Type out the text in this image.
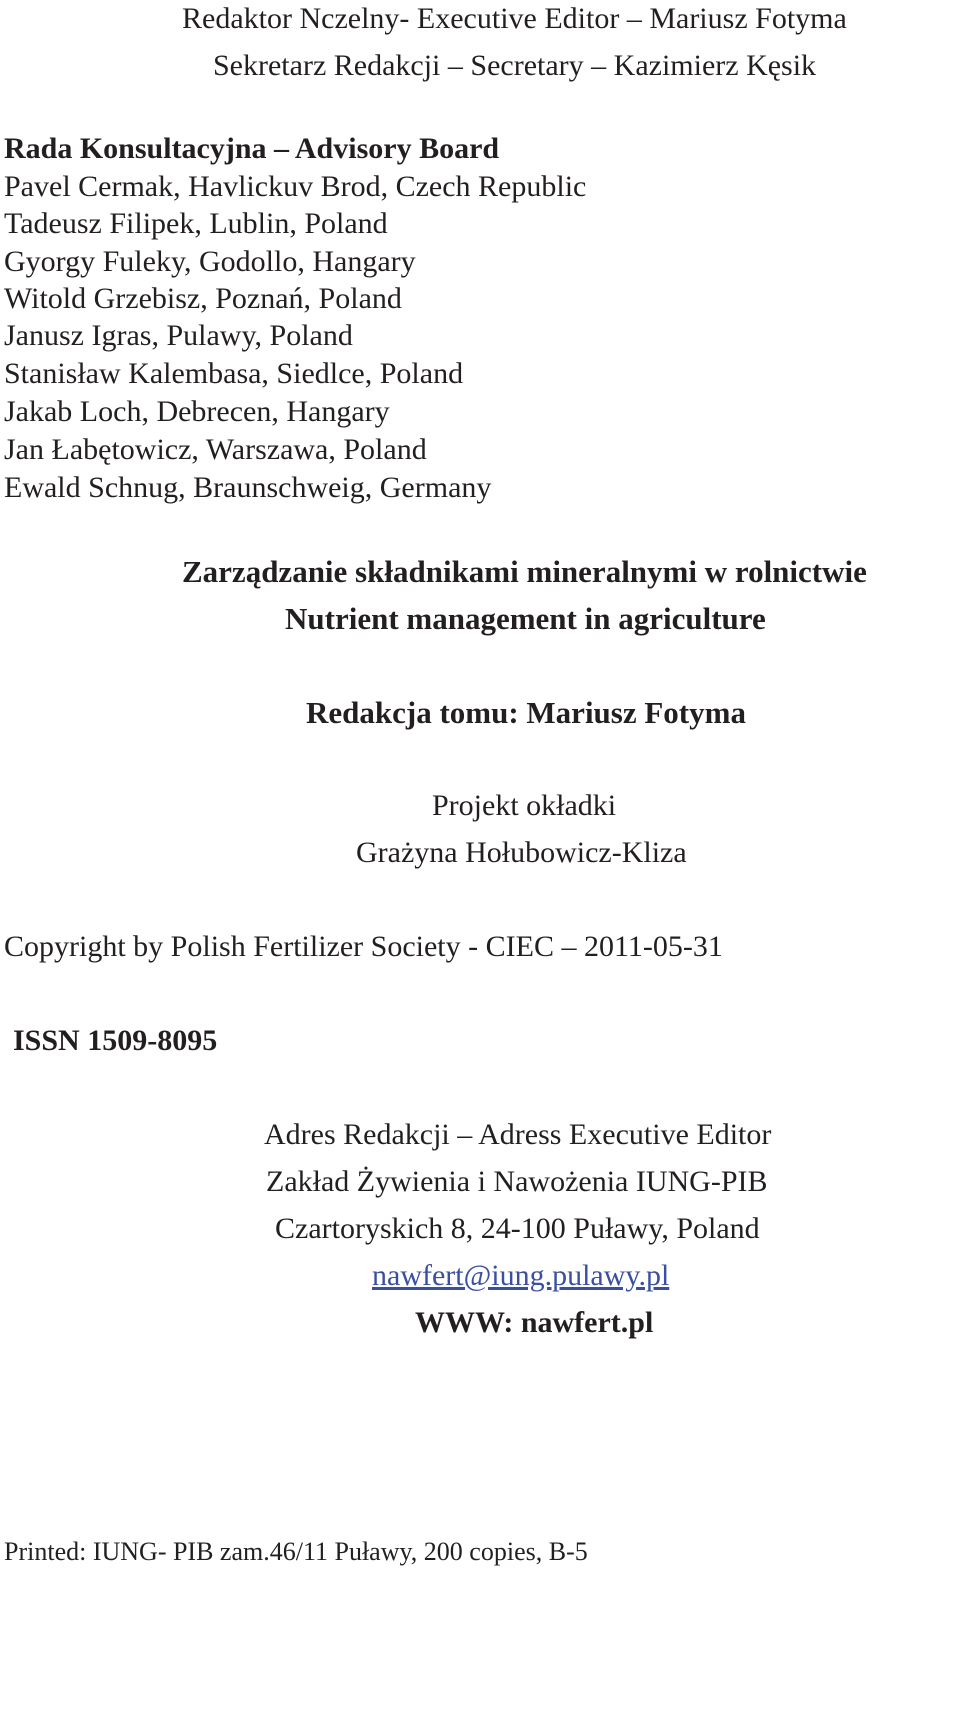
Redaktor Nczelny- Executive Editor – Mariusz Fotyma
Sekretarz Redakcji – Secretary – Kazimierz Kęsik
Rada Konsultacyjna – Advisory Board
Pavel Cermak, Havlickuv Brod, Czech Republic
Tadeusz Filipek, Lublin, Poland
Gyorgy Fuleky, Godollo, Hangary
Witold Grzebisz, Poznań, Poland
Janusz Igras, Pulawy, Poland
Stanisław Kalembasa, Siedlce, Poland
Jakab Loch, Debrecen, Hangary
Jan Łabętowicz, Warszawa, Poland
Ewald Schnug, Braunschweig, Germany
Zarządzanie składnikami mineralnymi w rolnictwie
Nutrient management in agriculture
Redakcja tomu: Mariusz Fotyma
Projekt okładki
Grażyna Hołubowicz-Kliza
Copyright by Polish Fertilizer Society - CIEC – 2011-05-31
ISSN 1509-8095
Adres Redakcji – Adress Executive Editor
Zakład Żywienia i Nawożenia IUNG-PIB
Czartoryskich 8, 24-100 Puławy, Poland
nawfert@iung.pulawy.pl
WWW: nawfert.pl
Printed: IUNG- PIB zam.46/11 Puławy, 200 copies, B-5
